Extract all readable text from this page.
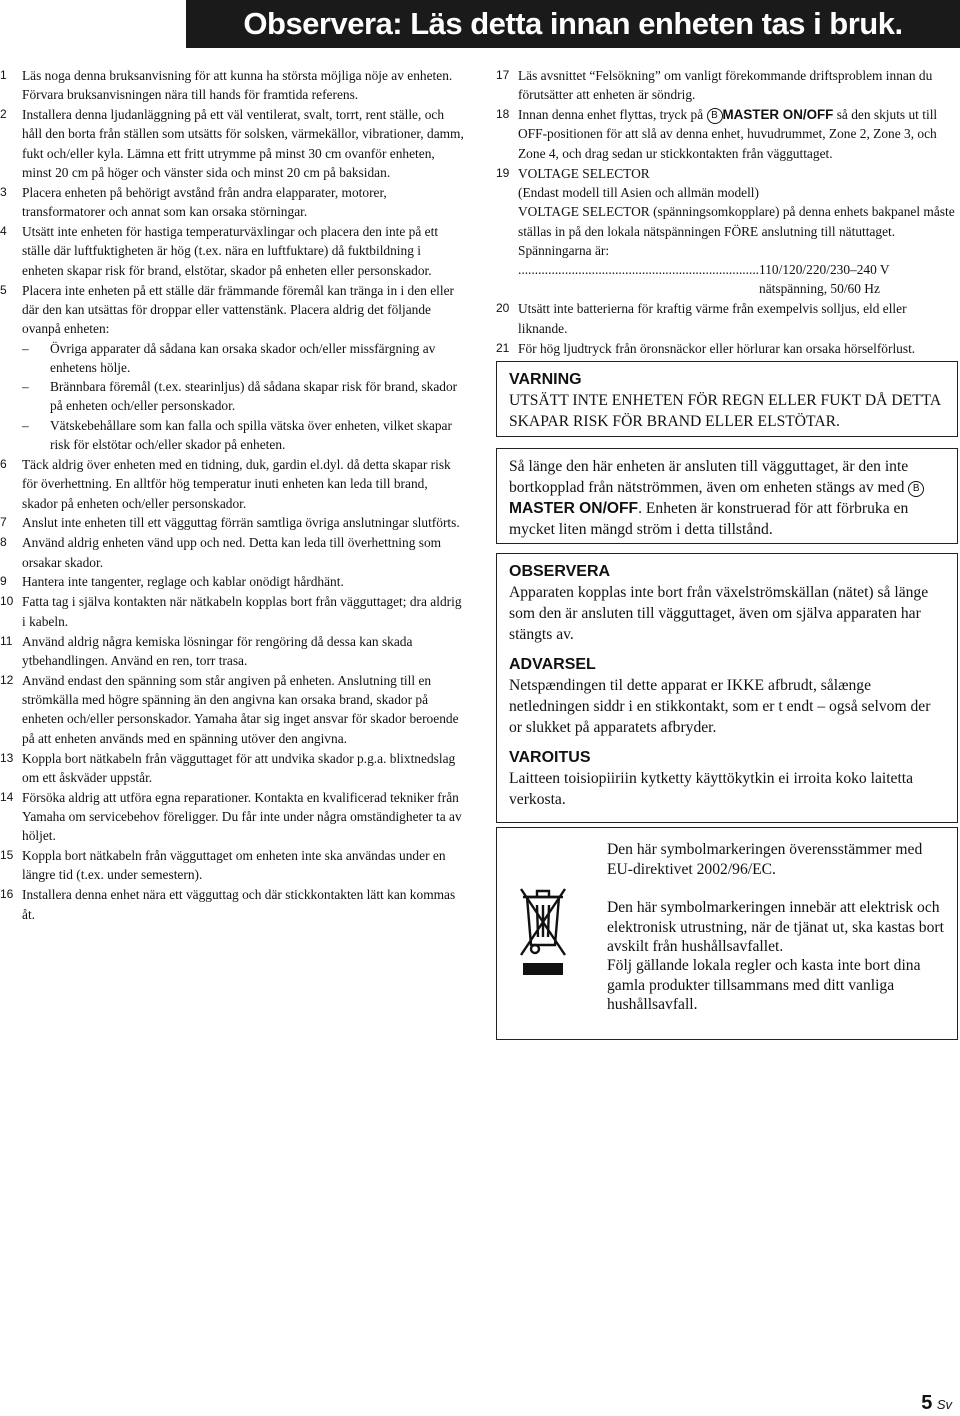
Observera: Läs detta innan enheten tas i bruk.
1 Läs noga denna bruksanvisning för att kunna ha största möjliga nöje av enheten. Förvara bruksanvisningen nära till hands för framtida referens.
2 Installera denna ljudanläggning på ett väl ventilerat, svalt, torrt, rent ställe, och håll den borta från ställen som utsätts för solsken, värmekällor, vibrationer, damm, fukt och/eller kyla. Lämna ett fritt utrymme på minst 30 cm ovanför enheten, minst 20 cm på höger och vänster sida och minst 20 cm på baksidan.
3 Placera enheten på behörigt avstånd från andra elapparater, motorer, transformatorer och annat som kan orsaka störningar.
4 Utsätt inte enheten för hastiga temperaturväxlingar och placera den inte på ett ställe där luftfuktigheten är hög (t.ex. nära en luftfuktare) då fuktbildning i enheten skapar risk för brand, elstötar, skador på enheten eller personskador.
5 Placera inte enheten på ett ställe där främmande föremål kan tränga in i den eller där den kan utsättas för droppar eller vattenstänk. Placera aldrig det följande ovanpå enheten:
– Övriga apparater då sådana kan orsaka skador och/eller missfärgning av enhetens hölje.
– Brännbara föremål (t.ex. stearinljus) då sådana skapar risk för brand, skador på enheten och/eller personskador.
– Vätskebehållare som kan falla och spilla vätska över enheten, vilket skapar risk för elstötar och/eller skador på enheten.
6 Täck aldrig över enheten med en tidning, duk, gardin el.dyl. då detta skapar risk för överhettning. En alltför hög temperatur inuti enheten kan leda till brand, skador på enheten och/eller personskador.
7 Anslut inte enheten till ett vägguttag förrän samtliga övriga anslutningar slutförts.
8 Använd aldrig enheten vänd upp och ned. Detta kan leda till överhettning som orsakar skador.
9 Hantera inte tangenter, reglage och kablar onödigt hårdhänt.
10 Fatta tag i själva kontakten när nätkabeln kopplas bort från vägguttaget; dra aldrig i kabeln.
11 Använd aldrig några kemiska lösningar för rengöring då dessa kan skada ytbehandlingen. Använd en ren, torr trasa.
12 Använd endast den spänning som står angiven på enheten. Anslutning till en strömkälla med högre spänning än den angivna kan orsaka brand, skador på enheten och/eller personskador. Yamaha åtar sig inget ansvar för skador beroende på att enheten används med en spänning utöver den angivna.
13 Koppla bort nätkabeln från vägguttaget för att undvika skador p.g.a. blixtnedslag om ett åskväder uppstår.
14 Försöka aldrig att utföra egna reparationer. Kontakta en kvalificerad tekniker från Yamaha om servicebehov föreligger. Du får inte under några omständigheter ta av höljet.
15 Koppla bort nätkabeln från vägguttaget om enheten inte ska användas under en längre tid (t.ex. under semestern).
16 Installera denna enhet nära ett vägguttag och där stickkontakten lätt kan kommas åt.
17 Läs avsnittet “Felsökning” om vanligt förekommande driftsproblem innan du förutsätter att enheten är söndrig.
18 Innan denna enhet flyttas, tryck på B MASTER ON/OFF så den skjuts ut till OFF-positionen för att slå av denna enhet, huvudrummet, Zone 2, Zone 3, och Zone 4, och drag sedan ur stickkontakten från vägguttaget.
19 VOLTAGE SELECTOR
(Endast modell till Asien och allmän modell)
VOLTAGE SELECTOR (spänningsomkopplare) på denna enhets bakpanel måste ställas in på den lokala nätspänningen FÖRE anslutning till nätuttaget. Spänningarna är:
........................................................................ 110/120/220/230–240 V nätspänning, 50/60 Hz
20 Utsätt inte batterierna för kraftig värme från exempelvis solljus, eld eller liknande.
21 För hög ljudtryck från öronsnäckor eller hörlurar kan orsaka hörselförlust.

VARNING

UTSÄTT INTE ENHETEN FÖR REGN ELLER FUKT DÅ DETTA SKAPAR RISK FÖR BRAND ELLER ELSTÖTAR.

Så länge den här enheten är ansluten till vägguttaget, är den inte bortkopplad från nätströmmen, även om enheten stängs av med BMASTER ON/OFF. Enheten är konstruerad för att förbruka en mycket liten mängd ström i detta tillstånd.

OBSERVERA

Apparaten kopplas inte bort från växelströmskällan (nätet) så länge som den är ansluten till vägguttaget, även om själva apparaten har stängts av.

ADVARSEL

Netspændingen til dette apparat er IKKE afbrudt, sålænge netledningen siddr i en stikkontakt, som er t endt – også selvom der or slukket på apparatets afbryder.

VAROITUS

Laitteen toisiopiiriin kytketty käyttökytkin ei irroita koko laitetta verkosta.

Den här symbolmarkeringen överensstämmer med EU-direktivet 2002/96/EC.

Den här symbolmarkeringen innebär att elektrisk och elektronisk utrustning, när de tjänat ut, ska kastas bort avskilt från hushållsavfallet.

Följ gällande lokala regler och kasta inte bort dina gamla produkter tillsammans med ditt vanliga hushållsavfall.

5 Sv
